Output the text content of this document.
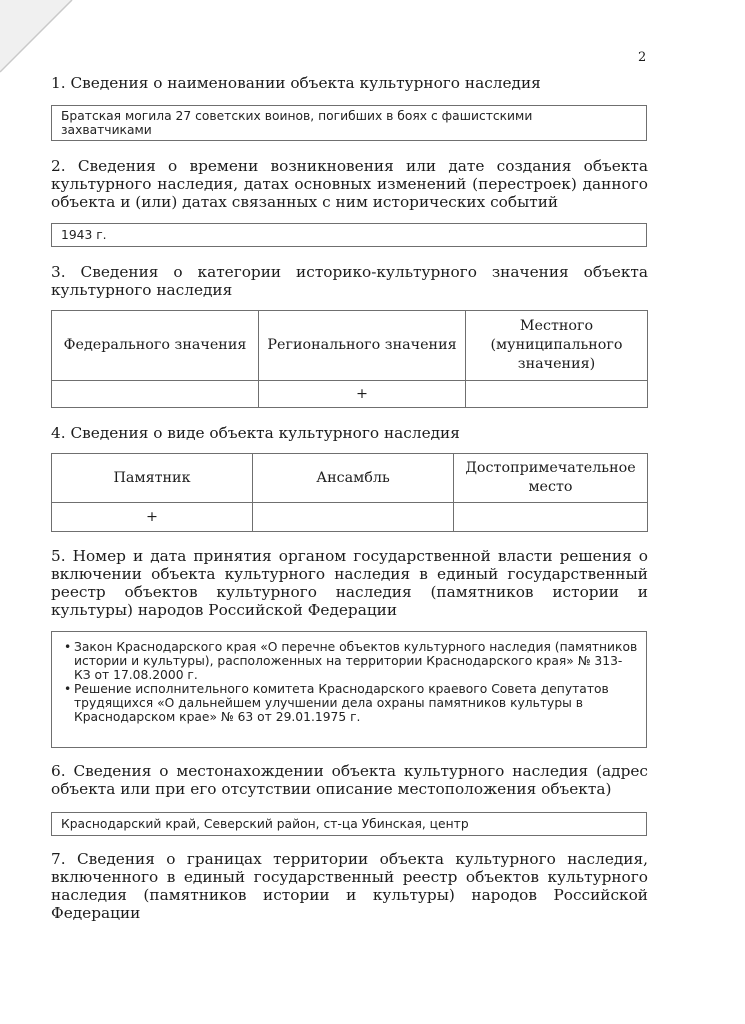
2
1. Сведения о наименовании объекта культурного наследия
Братская могила 27 советских воинов, погибших в боях с фашистскими захватчиками
2. Сведения о времени возникновения или дате создания объекта культурного наследия, датах основных изменений (перестроек) данного объекта и (или) датах связанных с ним исторических событий
1943 г.
3. Сведения о категории историко-культурного значения объекта культурного наследия
Федерального значения	Регионального значения	Местного (муниципального значения)
	+	
4. Сведения о виде объекта культурного наследия
Памятник	Ансамбль	Достопримечательное место
+		
5. Номер и дата принятия органом государственной власти решения о включении объекта культурного наследия в единый государственный реестр объектов культурного наследия (памятников истории и культуры) народов Российской Федерации
• Закон Краснодарского края «О перечне объектов культурного наследия (памятников истории и культуры), расположенных на территории Краснодарского края» № 313-КЗ от 17.08.2000 г.
• Решение исполнительного комитета Краснодарского краевого Совета депутатов трудящихся «О дальнейшем улучшении дела охраны памятников культуры в Краснодарском крае» № 63 от 29.01.1975 г.
6. Сведения о местонахождении объекта культурного наследия (адрес объекта или при его отсутствии описание местоположения объекта)
Краснодарский край, Северский район, ст-ца Убинская, центр
7. Сведения о границах территории объекта культурного наследия, включенного в единый государственный реестр объектов культурного наследия (памятников истории и культуры) народов Российской Федерации
